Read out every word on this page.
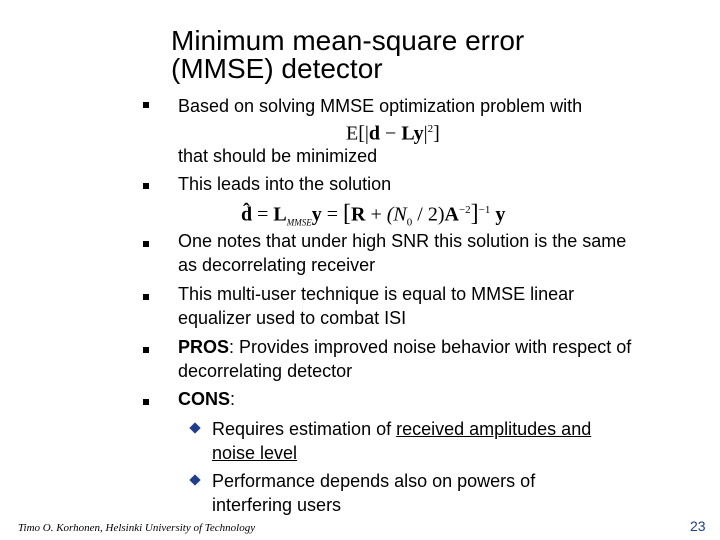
Minimum mean-square error
(MMSE) detector
Based on solving MMSE optimization problem with
$E[|d - Ly|^2]$
that should be minimized
This leads into the solution
d̂ = $L_{MMSE}y = [R + (N_0 / 2)A^{-2}]^{-1}$ y
One notes that under high SNR this solution is the same
as decorrelating receiver
This multi-user technique is equal to MMSE linear
equalizer used to combat ISI
PROS: Provides improved noise behavior with respect of
decorrelating detector
CONS:
Requires estimation of received amplitudes and
noise level
Performance depends also on powers of
interfering users
Timo O. Korhonen, Helsinki University of Technology	23
